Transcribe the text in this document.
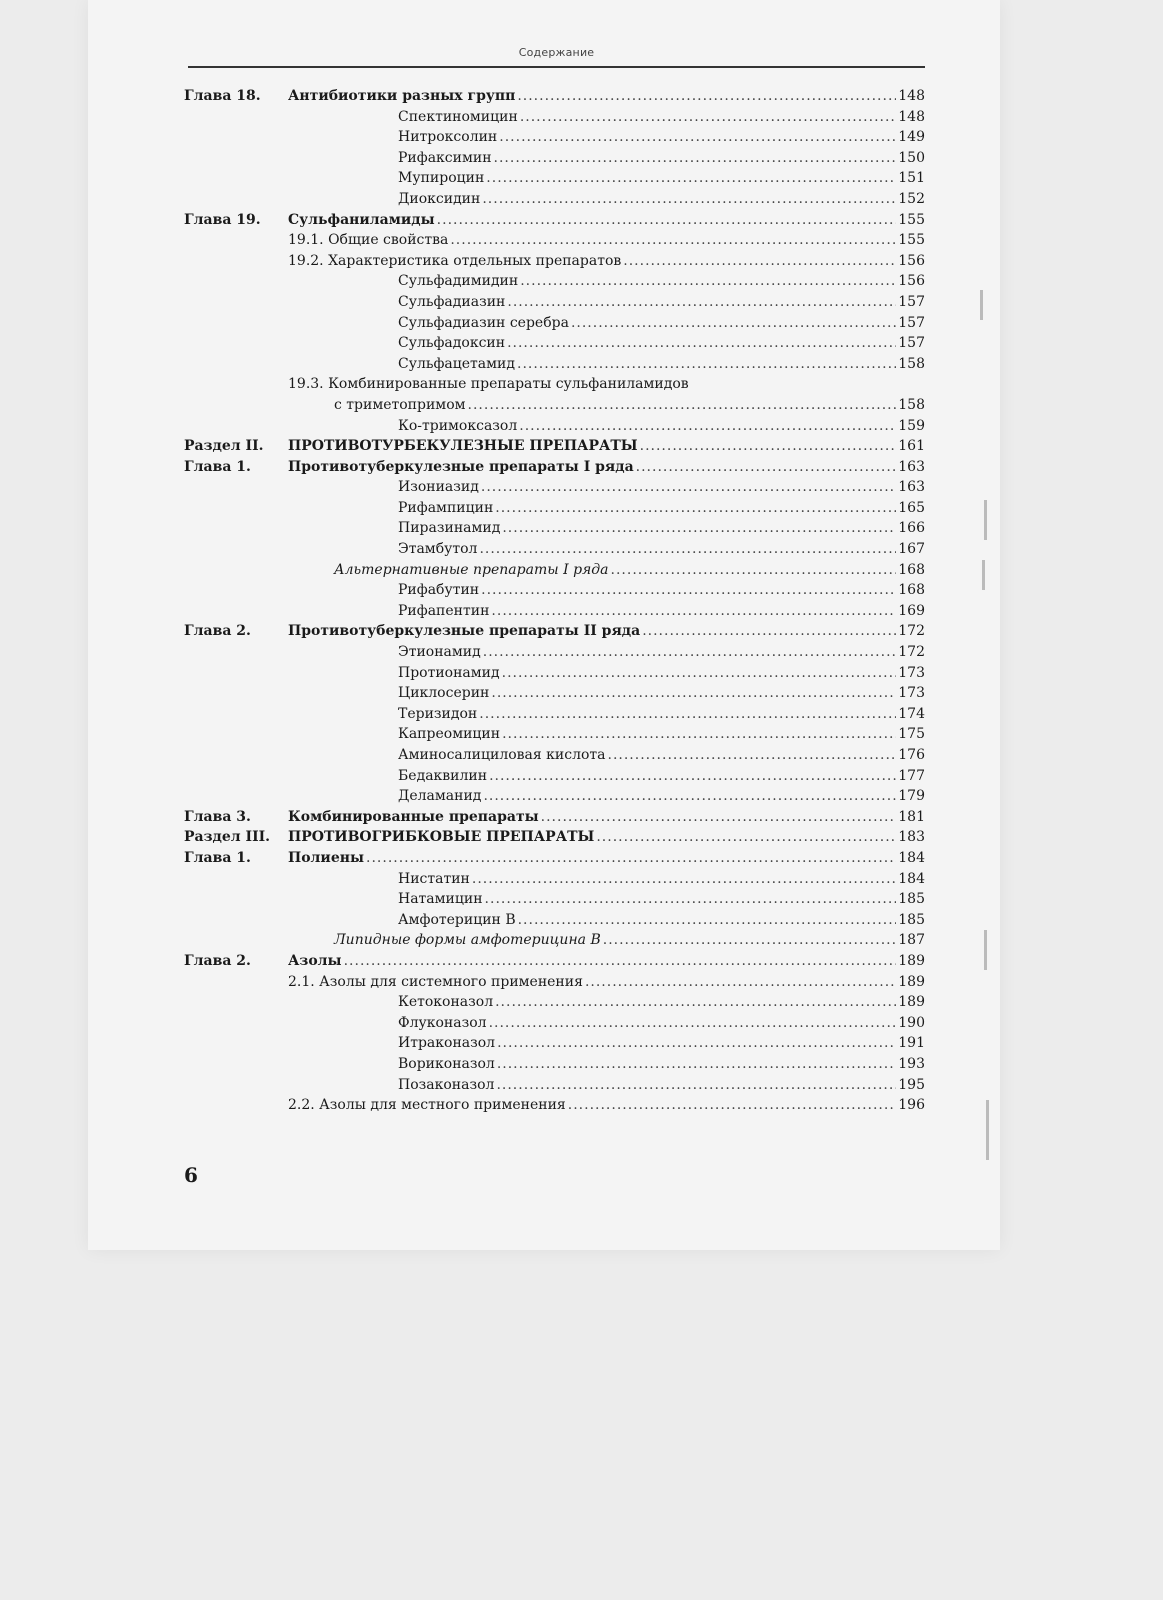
Содержание
Глава 18. Антибиотики разных групп .....	148
Спектиномицин .....	148
Нитроксолин .....	149
Рифаксимин .....	150
Мупироцин .....	151
Диоксидин .....	152
Глава 19. Сульфаниламиды .....	155
19.1. Общие свойства .....	155
19.2. Характеристика отдельных препаратов .....	156
Сульфадимидин .....	156
Сульфадиазин .....	157
Сульфадиазин серебра .....	157
Сульфадоксин .....	157
Сульфацетамид .....	158
19.3. Комбинированные препараты сульфаниламидов
с триметопримом .....	158
Ко-тримоксазол .....	159
Раздел II. ПРОТИВОТУРБЕКУЛЕЗНЫЕ ПРЕПАРАТЫ .....	161
Глава 1.	Противотуберкулезные препараты I ряда .....	163
Изониазид .....	163
Рифампицин .....	165
Пиразинамид .....	166
Этамбутол .....	167
Альтернативные препараты I ряда .....	168
Рифабутин .....	168
Рифапентин .....	169
Глава 2.	Противотуберкулезные препараты II ряда .....	172
Этионамид .....	172
Протионамид .....	173
Циклосерин .....	173
Теризидон .....	174
Капреомицин .....	175
Аминосалициловая кислота .....	176
Бедаквилин .....	177
Деламанид .....	179
Глава 3.	Комбинированные препараты .....	181
Раздел III. ПРОТИВОГРИБКОВЫЕ ПРЕПАРАТЫ .....	183
Глава 1.	Полиены .....	184
Нистатин .....	184
Натамицин .....	185
Амфотерицин В .....	185
Липидные формы амфотерицина В .....	187
Глава 2.	Азолы .....	189
2.1. Азолы для системного применения .....	189
Кетоконазол .....	189
Флуконазол .....	190
Итраконазол .....	191
Вориконазол .....	193
Позаконазол .....	195
2.2. Азолы для местного применения .....	196
6
